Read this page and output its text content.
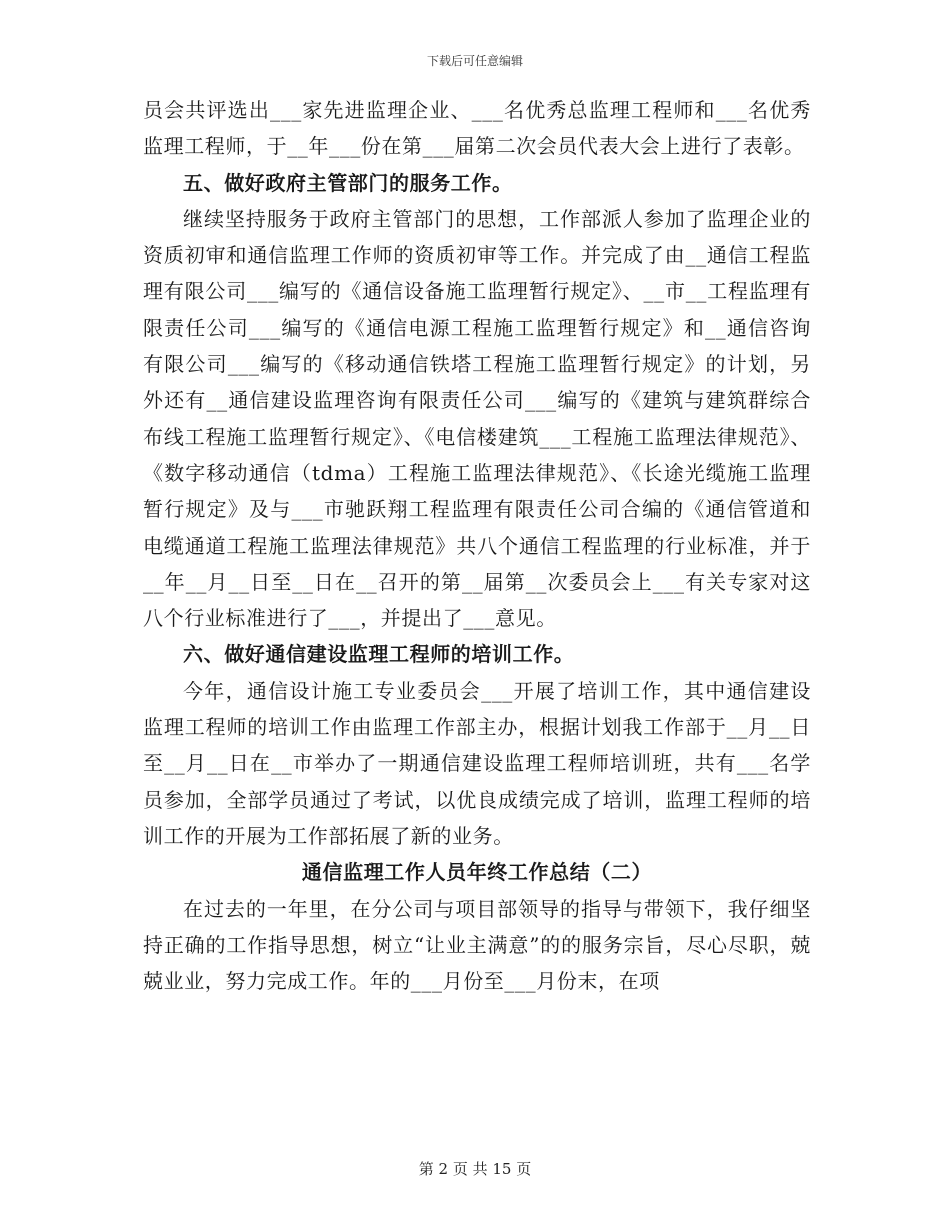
下载后可任意编辑

员会共评选出___家先进监理企业、___名优秀总监理工程师和___名优秀监理工程师，于__年___份在第___届第二次会员代表大会上进行了表彰。

五、做好政府主管部门的服务工作。

继续坚持服务于政府主管部门的思想，工作部派人参加了监理企业的资质初审和通信监理工作师的资质初审等工作。并完成了由__通信工程监理有限公司___编写的《通信设备施工监理暂行规定》、__市__工程监理有限责任公司___编写的《通信电源工程施工监理暂行规定》和__通信咨询有限公司___编写的《移动通信铁塔工程施工监理暂行规定》的计划，另外还有__通信建设监理咨询有限责任公司___编写的《建筑与建筑群综合布线工程施工监理暂行规定》、《电信楼建筑___工程施工监理法律规范》、《数字移动通信（tdma）工程施工监理法律规范》、《长途光缆施工监理暂行规定》及与___市驰跃翔工程监理有限责任公司合编的《通信管道和电缆通道工程施工监理法律规范》共八个通信工程监理的行业标准，并于__年__月__日至__日在__召开的第__届第__次委员会上___有关专家对这八个行业标准进行了___，并提出了___意见。

六、做好通信建设监理工程师的培训工作。

今年，通信设计施工专业委员会___开展了培训工作，其中通信建设监理工程师的培训工作由监理工作部主办，根据计划我工作部于__月__日至__月__日在__市举办了一期通信建设监理工程师培训班，共有___名学员参加，全部学员通过了考试，以优良成绩完成了培训，监理工程师的培训工作的开展为工作部拓展了新的业务。

通信监理工作人员年终工作总结（二）

在过去的一年里，在分公司与项目部领导的指导与带领下，我仔细坚持正确的工作指导思想，树立“让业主满意”的的服务宗旨，尽心尽职，兢兢业业，努力完成工作。年的___月份至___月份末，在项

第 2 页 共 15 页
